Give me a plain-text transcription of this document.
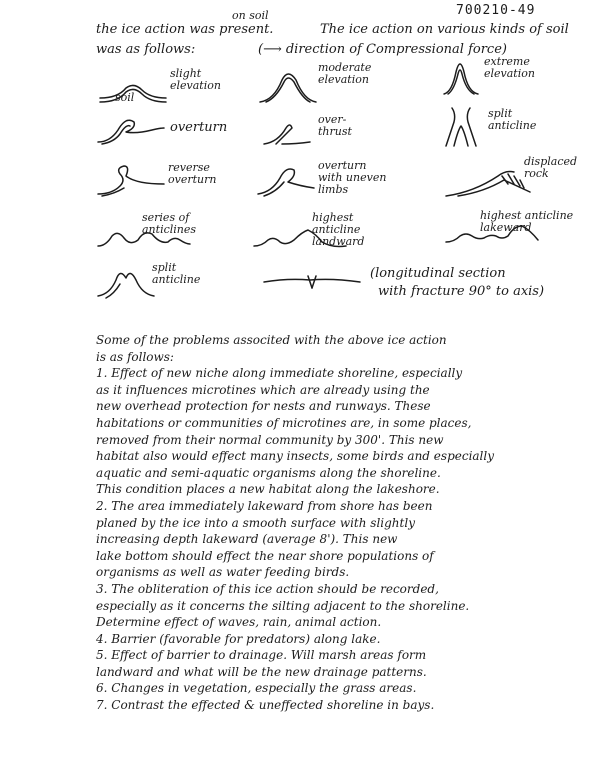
700210-49
on soil
the ice action was present.	The ice action on various kinds of soil
was as follows:	(⟶ direction of Compressional force)
slight elevation
soil
moderate elevation
extreme elevation
overturn
over- thrust
split anticline
reverse overturn
overturn with uneven limbs
displaced rock
series of anticlines
highest anticline landward
highest anticline lakeward
split anticline	(longitudinal section
with fracture 90° to axis)

Some of the problems associted with the above ice action

is as follows:

1. Effect of new niche along immediate shoreline, especially

as it influences microtines which are already using the

new overhead protection for nests and runways. These

habitations or communities of microtines are, in some places,

removed from their normal community by 300'. This new

habitat also would effect many insects, some birds and especially

aquatic and semi-aquatic organisms along the shoreline.

This condition places a new habitat along the lakeshore.

2. The area immediately lakeward from shore has been

planed by the ice into a smooth surface with slightly

increasing depth lakeward (average 8'). This new

lake bottom should effect the near shore populations of

organisms as well as water feeding birds.

3. The obliteration of this ice action should be recorded,

especially as it concerns the silting adjacent to the shoreline.

Determine effect of waves, rain, animal action.

4. Barrier (favorable for predators) along lake.

5. Effect of barrier to drainage. Will marsh areas form

landward and what will be the new drainage patterns.

6. Changes in vegetation, especially the grass areas.

7. Contrast the effected & uneffected shoreline in bays.
